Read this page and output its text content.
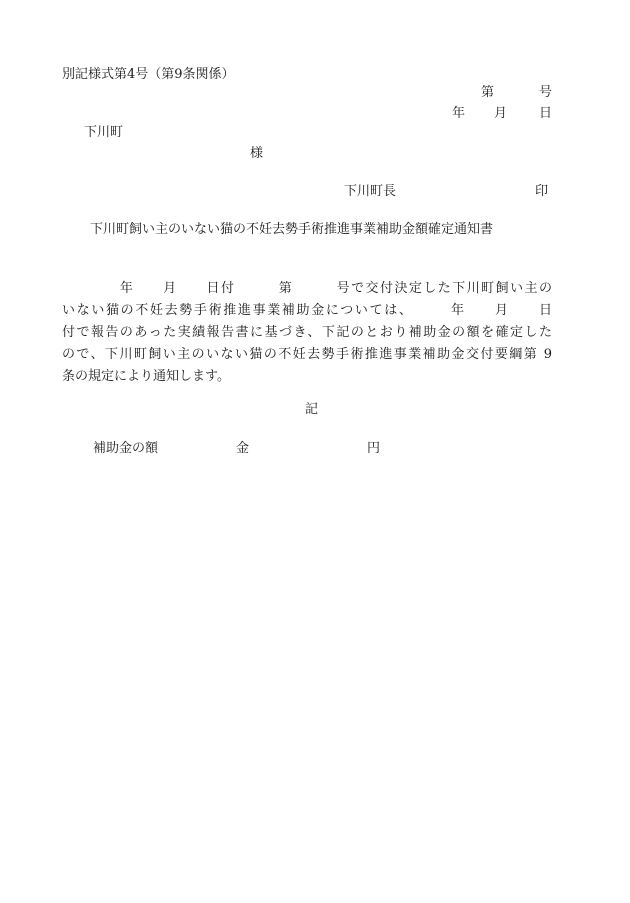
別記様式第4号（第9条関係）
第	号
年 月 日
下川町
様
下川町長	印
下川町飼い主のいない猫の不妊去勢手術推進事業補助金額確定通知書
　　　　年　　月　　日付　　　第　　　号で交付決定した下川町飼い主の
いない猫の不妊去勢手術推進事業補助金については、　　　年　　月　　日
付で報告のあった実績報告書に基づき、下記のとおり補助金の額を確定した
ので、下川町飼い主のいない猫の不妊去勢手術推進事業補助金交付要綱第 9
条の規定により通知します。
記
補助金の額	金	円
